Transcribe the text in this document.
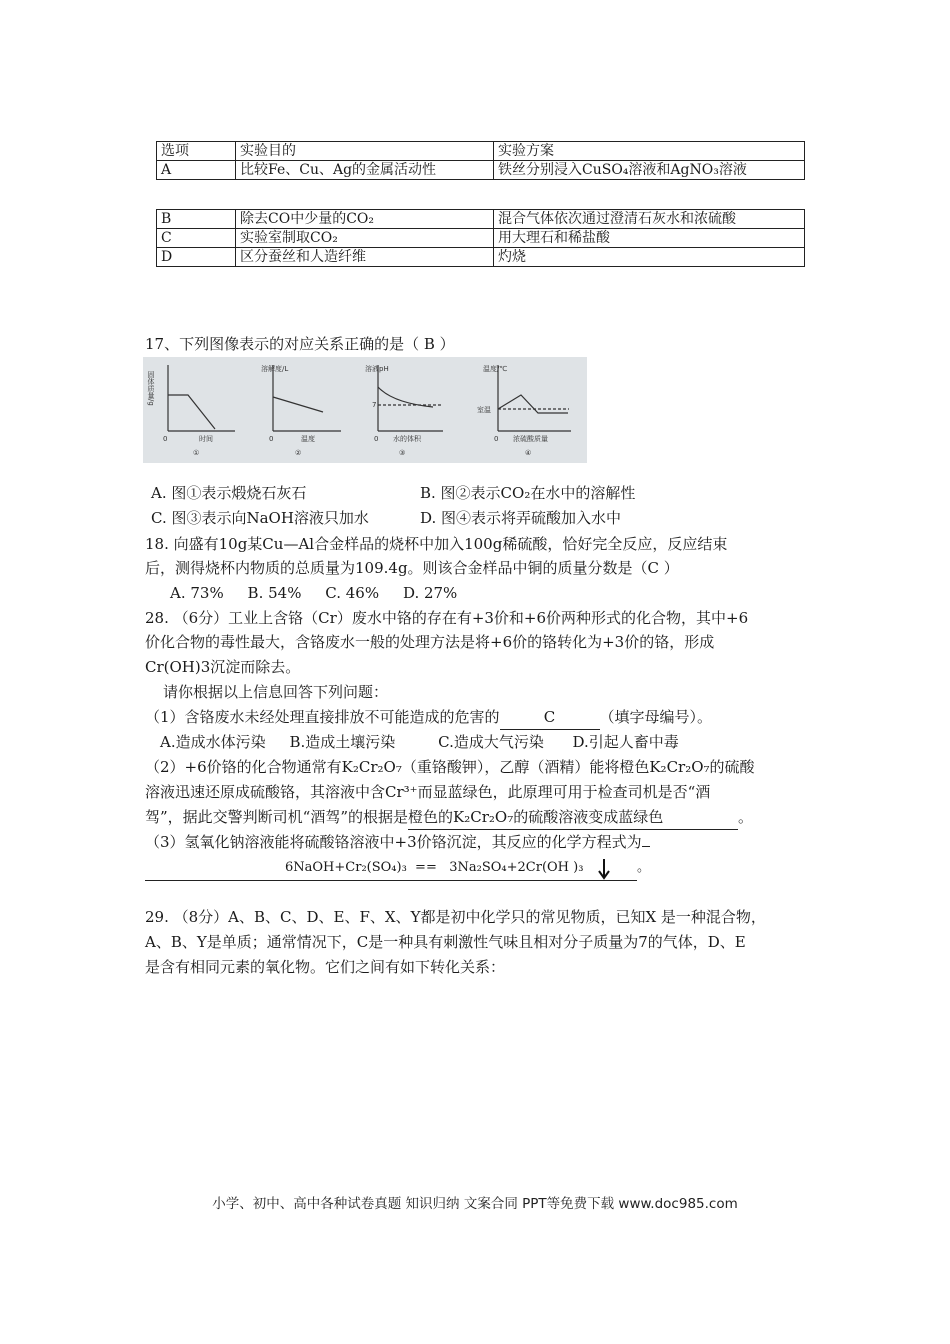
选项	实验目的	实验方案
A	比较Fe、Cu、Ag的金属活动性	铁丝分别浸入CuSO₄溶液和AgNO₃溶液
B	除去CO中少量的CO₂	混合气体依次通过澄清石灰水和浓硫酸
C	实验室制取CO₂	用大理石和稀盐酸
D	区分蚕丝和人造纤维	灼烧
17、下列图像表示的对应关系正确的是（ B ）
固体质量/g
0	时间
①
溶解度/L
0	温度
②
溶液pH
7
0 水的体积
③
温度/℃
室温
0 浓硫酸质量
④
A. 图①表示煅烧石灰石	B. 图②表示CO₂在水中的溶解性
C. 图③表示向NaOH溶液只加水	D. 图④表示将弄硫酸加入水中
18. 向盛有10g某Cu—Al合金样品的烧杯中加入100g稀硫酸，恰好完全反应，反应结束
后，测得烧杯内物质的总质量为109.4g。则该合金样品中铜的质量分数是（C ）
A. 73%     B. 54%     C. 46%     D. 27%
28. （6分）工业上含铬（Cr）废水中铬的存在有+3价和+6价两种形式的化合物，其中+6
价化合物的毒性最大，含铬废水一般的处理方法是将+6价的铬转化为+3价的铬，形成
Cr(OH)3沉淀而除去。
请你根据以上信息回答下列问题：
（1）含铬废水未经处理直接排放不可能造成的危害的	C	（填字母编号）。
A.造成水体污染     B.造成土壤污染         C.造成大气污染      D.引起人畜中毒
（2）+6价铬的化合物通常有K₂Cr₂O₇（重铬酸钾），乙醇（酒精）能将橙色K₂Cr₂O₇的硫酸
溶液迅速还原成硫酸铬，其溶液中含Cr³⁺而显蓝绿色，此原理可用于检查司机是否“酒
驾”，据此交警判断司机“酒驾”的根据是橙色的K₂Cr₂O₇的硫酸溶液变成蓝绿色	。
（3）氢氧化钠溶液能将硫酸铬溶液中+3价铬沉淀，其反应的化学方程式为
6NaOH+Cr₂(SO₄)₃  ==   3Na₂SO₄+2Cr(OH )₃	。
29. （8分）A、B、C、D、E、F、X、Y都是初中化学只的常见物质，已知X 是一种混合物，
A、B、Y是单质；通常情况下，C是一种具有刺激性气味且相对分子质量为7的气体，D、E
是含有相同元素的氧化物。它们之间有如下转化关系：
小学、初中、高中各种试卷真题 知识归纳 文案合同 PPT等免费下载 www.doc985.com
